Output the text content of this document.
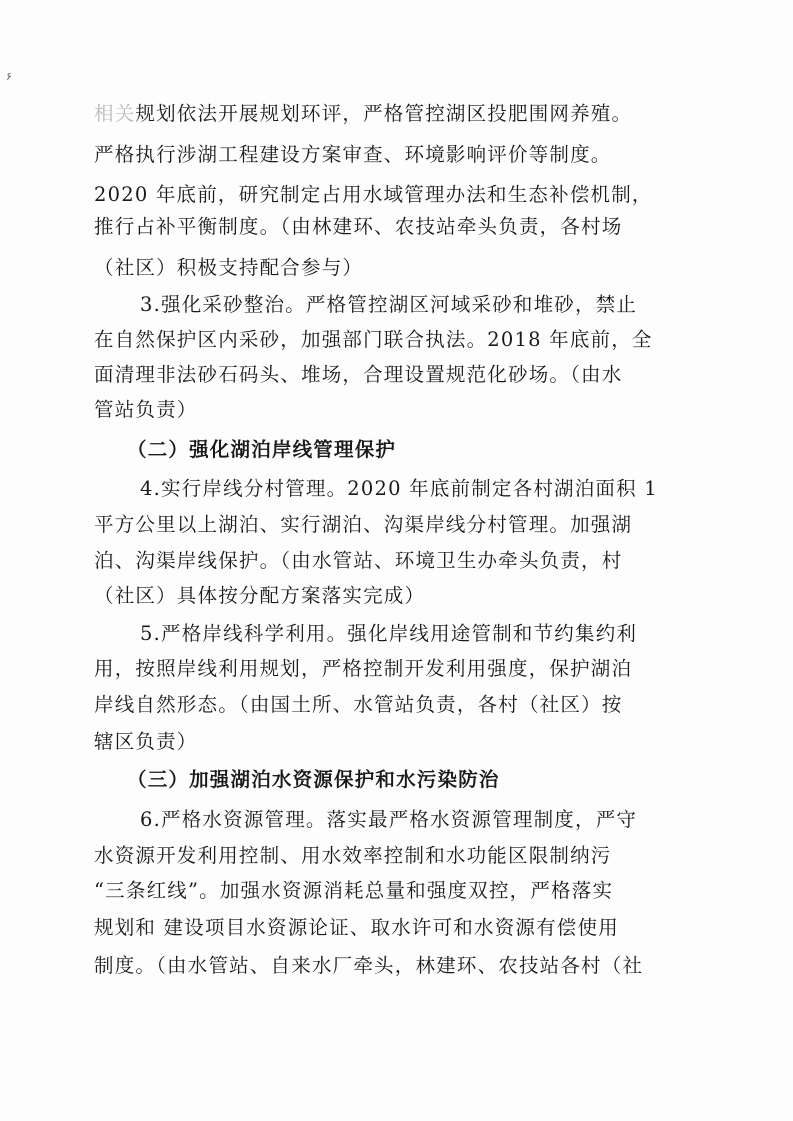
۶
相关规划依法开展规划环评，严格管控湖区投肥围网养殖。
严格执行涉湖工程建设方案审查、环境影响评价等制度。
2020 年底前，研究制定占用水域管理办法和生态补偿机制，
推行占补平衡制度。（由林建环、农技站牵头负责，各村场
（社区）积极支持配合参与）
3.强化采砂整治。严格管控湖区河域采砂和堆砂，禁止
在自然保护区内采砂，加强部门联合执法。2018 年底前，全
面清理非法砂石码头、堆场，合理设置规范化砂场。（由水
管站负责）
（二）强化湖泊岸线管理保护
4.实行岸线分村管理。2020 年底前制定各村湖泊面积 1
平方公里以上湖泊、实行湖泊、沟渠岸线分村管理。加强湖
泊、沟渠岸线保护。（由水管站、环境卫生办牵头负责，村
（社区）具体按分配方案落实完成）
5.严格岸线科学利用。强化岸线用途管制和节约集约利
用，按照岸线利用规划，严格控制开发利用强度，保护湖泊
岸线自然形态。（由国土所、水管站负责，各村（社区）按
辖区负责）
（三）加强湖泊水资源保护和水污染防治
6.严格水资源管理。落实最严格水资源管理制度，严守
水资源开发利用控制、用水效率控制和水功能区限制纳污
“三条红线”。加强水资源消耗总量和强度双控，严格落实
规划和 建设项目水资源论证、取水许可和水资源有偿使用
制度。（由水管站、自来水厂牵头，林建环、农技站各村（社
